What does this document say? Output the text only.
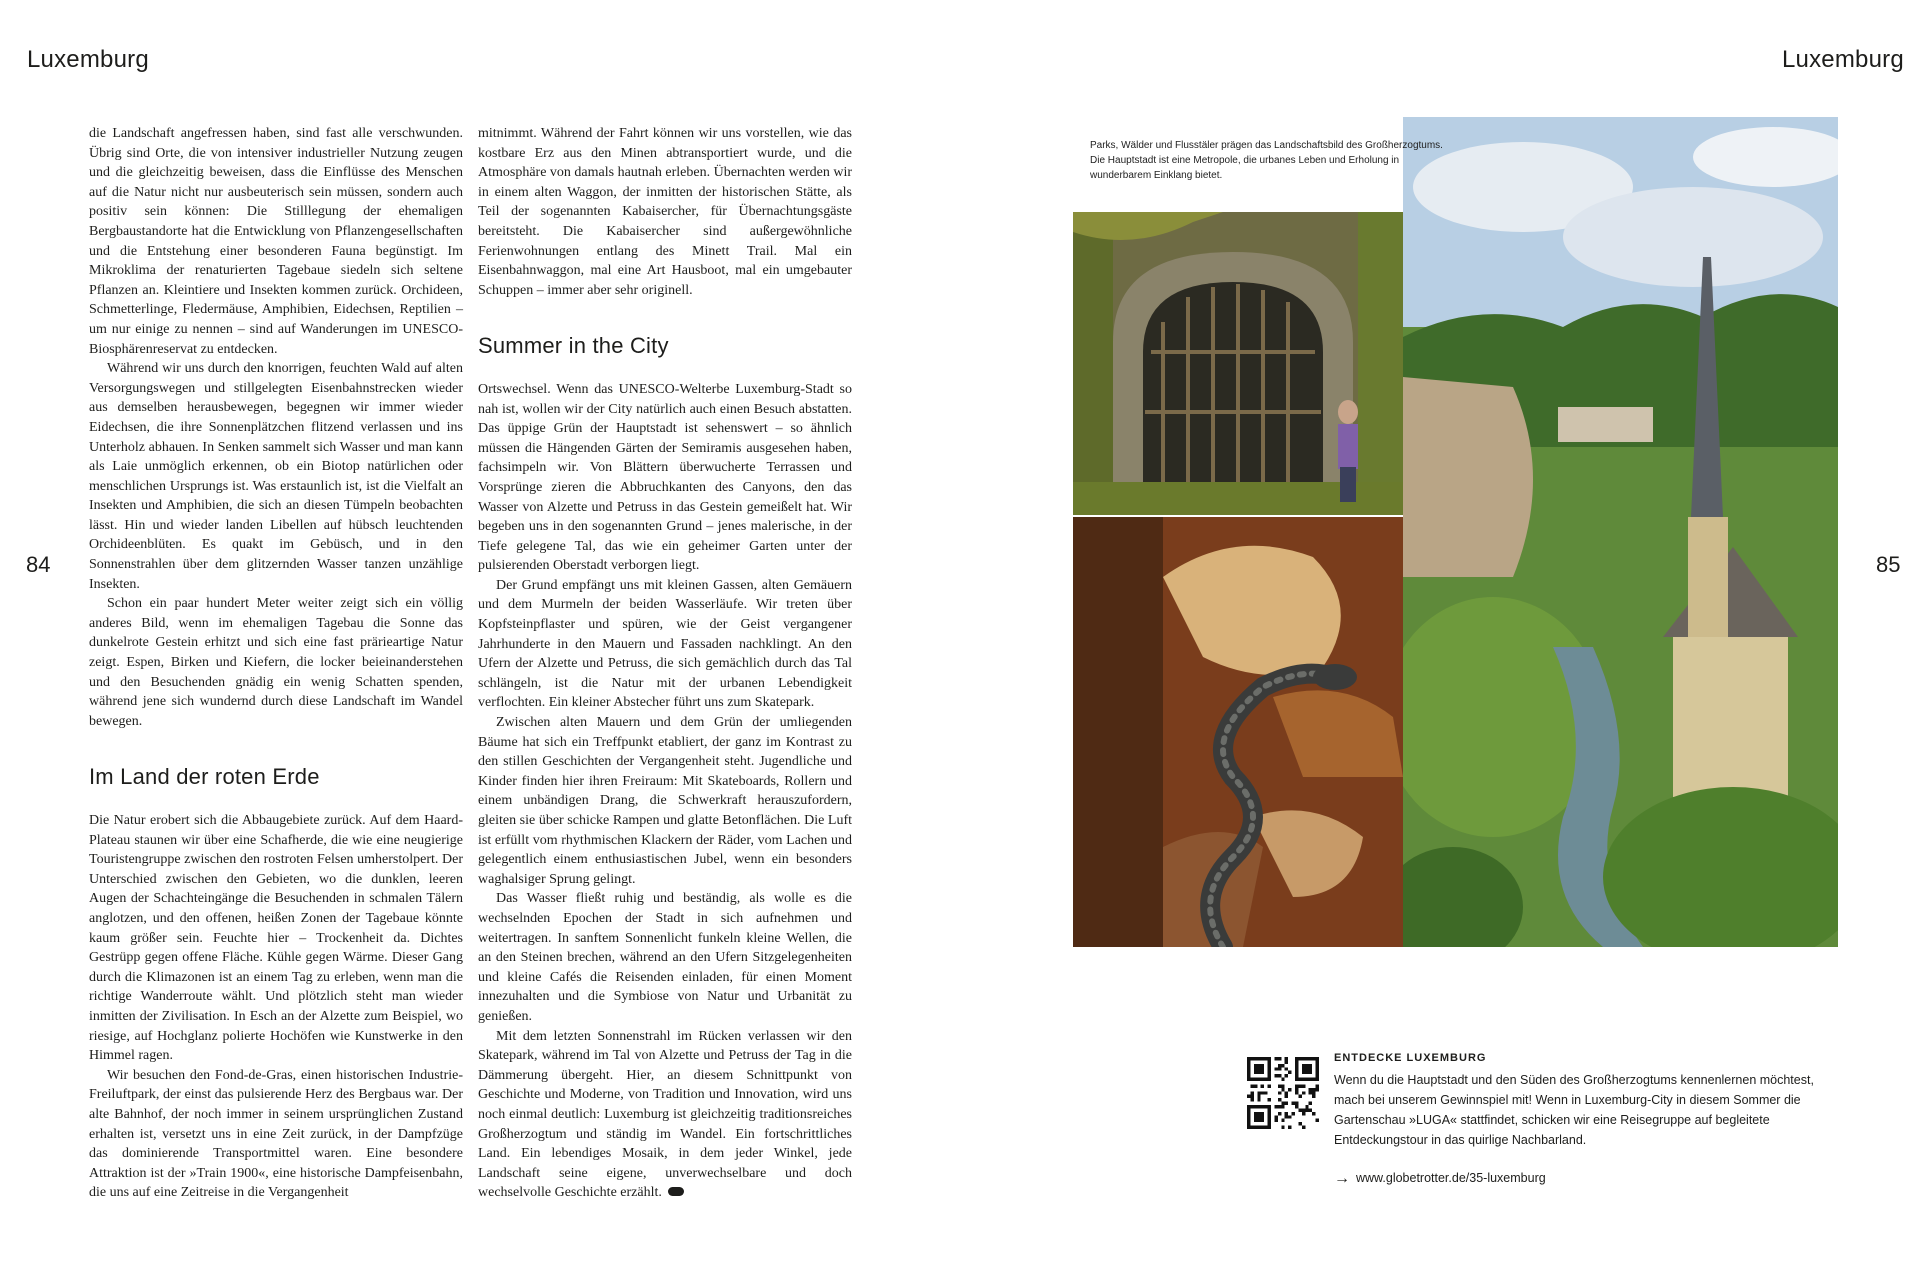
Luxemburg	Luxemburg
84	85

die Landschaft angefressen haben, sind fast alle verschwunden. Übrig sind Orte, die von intensiver industrieller Nutzung zeugen und die gleichzeitig beweisen, dass die Einflüsse des Menschen auf die Natur nicht nur ausbeuterisch sein müssen, sondern auch positiv sein können: Die Stilllegung der ehemaligen Bergbaustandorte hat die Entwicklung von Pflanzengesellschaften und die Entstehung einer besonderen Fauna begünstigt. Im Mikroklima der renaturierten Tagebaue siedeln sich seltene Pflanzen an. Kleintiere und Insekten kommen zurück. Orchideen, Schmetterlinge, Fledermäuse, Amphibien, Eidechsen, Reptilien – um nur einige zu nennen – sind auf Wanderungen im UNESCO-Biosphärenreservat zu entdecken.

Während wir uns durch den knorrigen, feuchten Wald auf alten Versorgungswegen und stillgelegten Eisenbahnstrecken wieder aus demselben herausbewegen, begegnen wir immer wieder Eidechsen, die ihre Sonnenplätzchen flitzend verlassen und ins Unterholz abhauen. In Senken sammelt sich Wasser und man kann als Laie unmöglich erkennen, ob ein Biotop natürlichen oder menschlichen Ursprungs ist. Was erstaunlich ist, ist die Vielfalt an Insekten und Amphibien, die sich an diesen Tümpeln beobachten lässt. Hin und wieder landen Libellen auf hübsch leuchtenden Orchideenblüten. Es quakt im Gebüsch, und in den Sonnenstrahlen über dem glitzernden Wasser tanzen unzählige Insekten.

Schon ein paar hundert Meter weiter zeigt sich ein völlig anderes Bild, wenn im ehemaligen Tagebau die Sonne das dunkelrote Gestein erhitzt und sich eine fast prärieartige Natur zeigt. Espen, Birken und Kiefern, die locker beieinanderstehen und den Besuchenden gnädig ein wenig Schatten spenden, während jene sich wundernd durch diese Landschaft im Wandel bewegen.

Im Land der roten Erde

Die Natur erobert sich die Abbaugebiete zurück. Auf dem Haard-Plateau staunen wir über eine Schafherde, die wie eine neugierige Touristengruppe zwischen den rostroten Felsen umherstolpert. Der Unterschied zwischen den Gebieten, wo die dunklen, leeren Augen der Schachteingänge die Besuchenden in schmalen Tälern anglotzen, und den offenen, heißen Zonen der Tagebaue könnte kaum größer sein. Feuchte hier – Trockenheit da. Dichtes Gestrüpp gegen offene Fläche. Kühle gegen Wärme. Dieser Gang durch die Klimazonen ist an einem Tag zu erleben, wenn man die richtige Wanderroute wählt. Und plötzlich steht man wieder inmitten der Zivilisation. In Esch an der Alzette zum Beispiel, wo riesige, auf Hochglanz polierte Hochöfen wie Kunstwerke in den Himmel ragen.

Wir besuchen den Fond-de-Gras, einen historischen Industrie-Freiluftpark, der einst das pulsierende Herz des Bergbaus war. Der alte Bahnhof, der noch immer in seinem ursprünglichen Zustand erhalten ist, versetzt uns in eine Zeit zurück, in der Dampfzüge das dominierende Transportmittel waren. Eine besondere Attraktion ist der »Train 1900«, eine historische Dampfeisenbahn, die uns auf eine Zeitreise in die Vergangenheit

mitnimmt. Während der Fahrt können wir uns vorstellen, wie das kostbare Erz aus den Minen abtransportiert wurde, und die Atmosphäre von damals hautnah erleben. Übernachten werden wir in einem alten Waggon, der inmitten der historischen Stätte, als Teil der sogenannten Kabaisercher, für Übernachtungsgäste bereitsteht. Die Kabaisercher sind außergewöhnliche Ferienwohnungen entlang des Minett Trail. Mal ein Eisenbahnwaggon, mal eine Art Hausboot, mal ein umgebauter Schuppen – immer aber sehr originell.

Summer in the City

Ortswechsel. Wenn das UNESCO-Welterbe Luxemburg-Stadt so nah ist, wollen wir der City natürlich auch einen Besuch abstatten. Das üppige Grün der Hauptstadt ist sehenswert – so ähnlich müssen die Hängenden Gärten der Semiramis ausgesehen haben, fachsimpeln wir. Von Blättern überwucherte Terrassen und Vorsprünge zieren die Abbruchkanten des Canyons, den das Wasser von Alzette und Petruss in das Gestein gemeißelt hat. Wir begeben uns in den sogenannten Grund – jenes malerische, in der Tiefe gelegene Tal, das wie ein geheimer Garten unter der pulsierenden Oberstadt verborgen liegt.

Der Grund empfängt uns mit kleinen Gassen, alten Gemäuern und dem Murmeln der beiden Wasserläufe. Wir treten über Kopfsteinpflaster und spüren, wie der Geist vergangener Jahrhunderte in den Mauern und Fassaden nachklingt. An den Ufern der Alzette und Petruss, die sich gemächlich durch das Tal schlängeln, ist die Natur mit der urbanen Lebendigkeit verflochten. Ein kleiner Abstecher führt uns zum Skatepark.

Zwischen alten Mauern und dem Grün der umliegenden Bäume hat sich ein Treffpunkt etabliert, der ganz im Kontrast zu den stillen Geschichten der Vergangenheit steht. Jugendliche und Kinder finden hier ihren Freiraum: Mit Skateboards, Rollern und einem unbändigen Drang, die Schwerkraft herauszufordern, gleiten sie über schicke Rampen und glatte Betonflächen. Die Luft ist erfüllt vom rhythmischen Klackern der Räder, vom Lachen und gelegentlich einem enthusiastischen Jubel, wenn ein besonders waghalsiger Sprung gelingt.

Das Wasser fließt ruhig und beständig, als wolle es die wechselnden Epochen der Stadt in sich aufnehmen und weitertragen. In sanftem Sonnenlicht funkeln kleine Wellen, die an den Steinen brechen, während an den Ufern Sitzgelegenheiten und kleine Cafés die Reisenden einladen, für einen Moment innezuhalten und die Symbiose von Natur und Urbanität zu genießen.

Mit dem letzten Sonnenstrahl im Rücken verlassen wir den Skatepark, während im Tal von Alzette und Petruss der Tag in die Dämmerung übergeht. Hier, an diesem Schnittpunkt von Geschichte und Moderne, von Tradition und Innovation, wird uns noch einmal deutlich: Luxemburg ist gleichzeitig traditionsreiches Großherzogtum und ständig im Wandel. Ein fortschrittliches Land. Ein lebendiges Mosaik, in dem jeder Winkel, jede Landschaft seine eigene, unverwechselbare und doch wechselvolle Geschichte erzählt.

Parks, Wälder und Flusstäler prägen das Landschaftsbild des Großherzogtums. Die Hauptstadt ist eine Metropole, die urbanes Leben und Erholung in wunderbarem Einklang bietet.
ENTDECKE LUXEMBURG
Wenn du die Hauptstadt und den Süden des Großherzogtums kennenlernen möchtest, mach bei unserem Gewinnspiel mit! Wenn in Luxemburg-City in diesem Sommer die Gartenschau »LUGA« stattfindet, schicken wir eine Reisegruppe auf begleitete Entdeckungstour in das quirlige Nachbarland.
→ www.globetrotter.de/35-luxemburg
